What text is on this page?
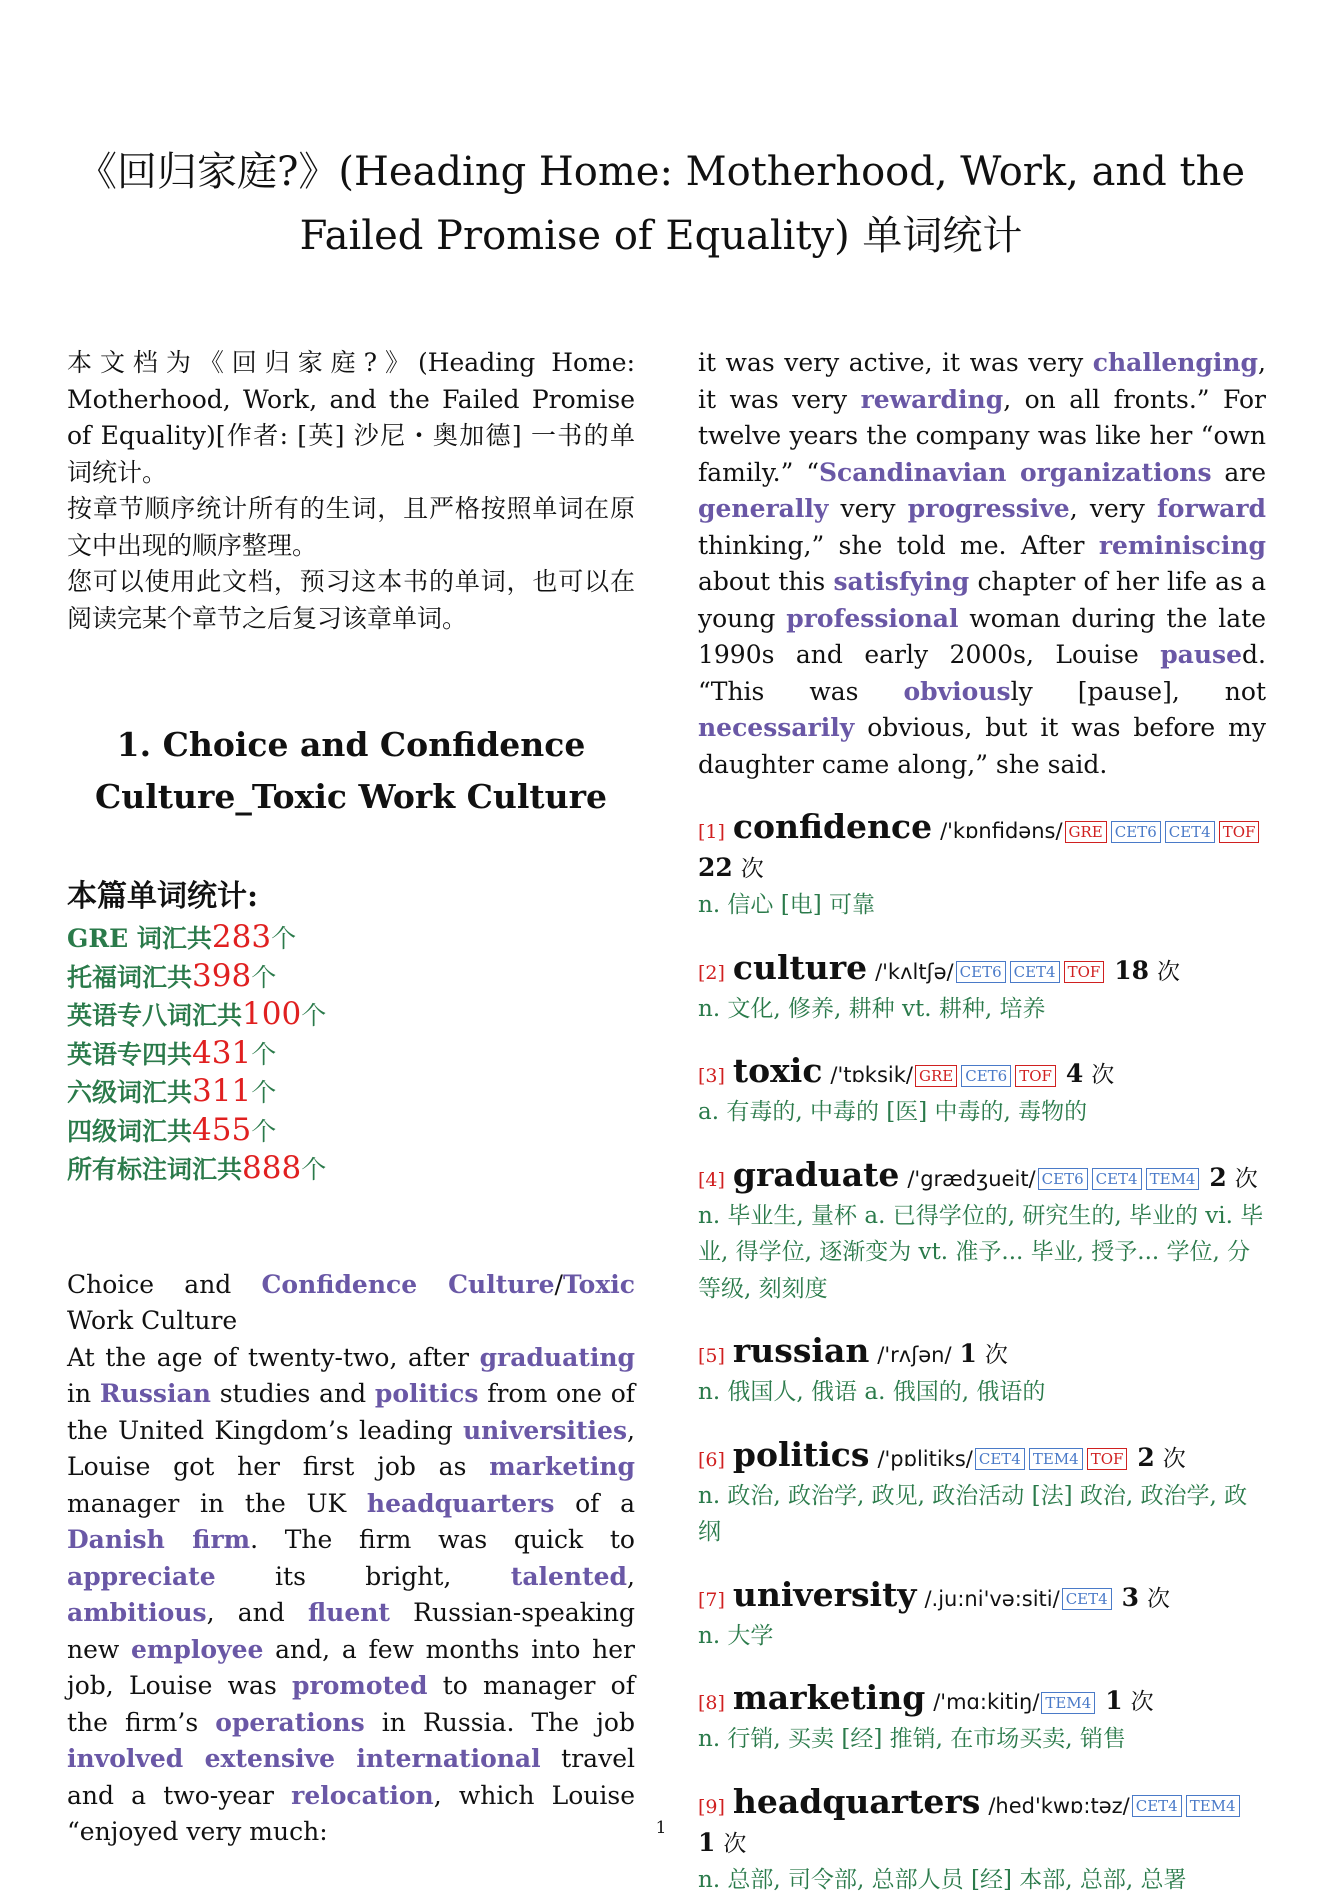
《回归家庭?》(Heading Home: Motherhood, Work, and the Failed Promise of Equality) 单词统计

本文档为《回归家庭?》(Heading Home: Motherhood, Work, and the Failed Promise of Equality)[作者: [英] 沙尼・奥加德] 一书的单词统计。

按章节顺序统计所有的生词，且严格按照单词在原文中出现的顺序整理。

您可以使用此文档，预习这本书的单词，也可以在阅读完某个章节之后复习该章单词。

1. Choice and Confidence
Culture_Toxic Work Culture
本篇单词统计:
GRE 词汇共283个
托福词汇共398个
英语专八词汇共100个
英语专四共431个
六级词汇共311个
四级词汇共455个
所有标注词汇共888个
Choice and Confidence Culture/Toxic Work Culture
At the age of twenty-two, after graduating in Russian studies and politics from one of the United Kingdom’s leading universities, Louise got her first job as marketing manager in the UK headquarters of a Danish firm. The firm was quick to appreciate its bright, talented, ambitious, and fluent Russian-speaking new employee and, a few months into her job, Louise was promoted to manager of the firm’s operations in Russia. The job involved extensive international travel and a two-year relocation, which Louise “enjoyed very much:
it was very active, it was very challenging, it was very rewarding, on all fronts.” For twelve years the company was like her “own family.” “Scandinavian organizations are generally very progressive, very forward thinking,” she told me. After reminiscing about this satisfying chapter of her life as a young professional woman during the late 1990s and early 2000s, Louise paused. “This was obviously [pause], not necessarily obvious, but it was before my daughter came along,” she said.
[1] confidence /'kɒnfidəns/ GRE CET6 CET4 TOF 22 次
n. 信心 [电] 可靠
[2] culture /'kʌltʃə/ CET6 CET4 TOF 18 次
n. 文化, 修养, 耕种 vt. 耕种, 培养
[3] toxic /'tɒksik/ GRE CET6 TOF 4 次
a. 有毒的, 中毒的 [医] 中毒的, 毒物的
[4] graduate /'grædʒueit/ CET6 CET4 TEM4 2 次
n. 毕业生, 量杯 a. 已得学位的, 研究生的, 毕业的 vi. 毕业, 得学位, 逐渐变为 vt. 准予... 毕业, 授予... 学位, 分等级, 刻刻度
[5] russian /'rʌʃən/ 1 次
n. 俄国人, 俄语 a. 俄国的, 俄语的
[6] politics /'pɒlitiks/ CET4 TEM4 TOF 2 次
n. 政治, 政治学, 政见, 政治活动 [法] 政治, 政治学, 政纲
[7] university /.ju:ni'və:siti/ CET4 3 次
n. 大学
[8] marketing /'mɑ:kitiŋ/ TEM4 1 次
n. 行销, 买卖 [经] 推销, 在市场买卖, 销售
[9] headquarters /hed'kwɒ:təz/ CET4 TEM4 1 次
n. 总部, 司令部, 总部人员 [经] 本部, 总部, 总署
1
